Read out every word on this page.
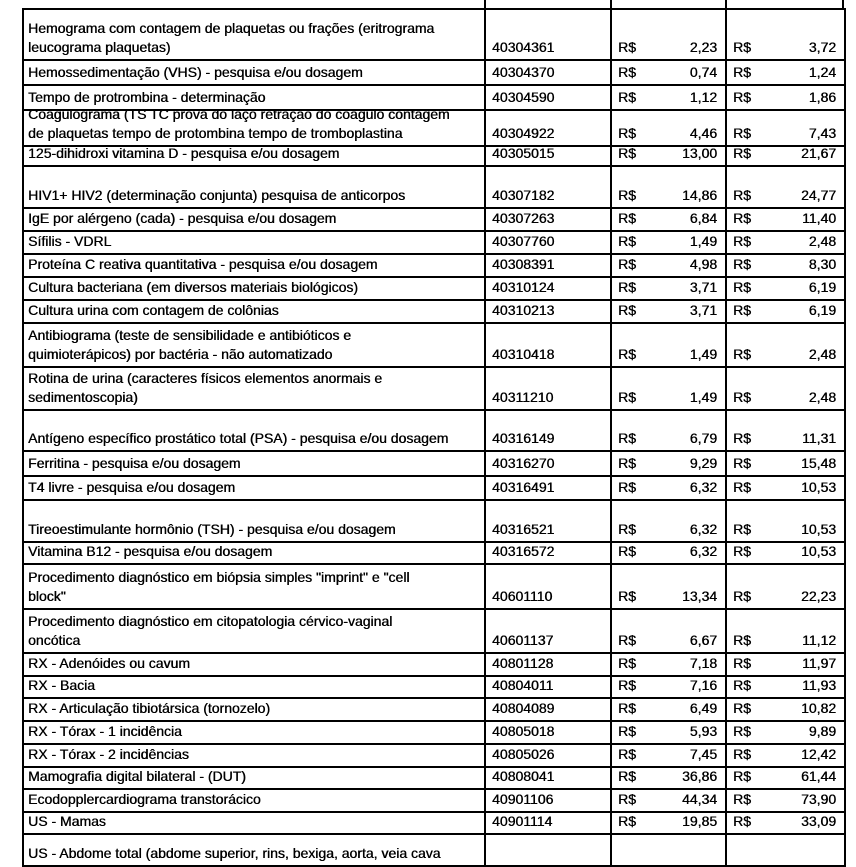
Hemograma com contagem de plaquetas ou frações (eritrograma
leucograma plaquetas)	40304361	R$	2,23 R$	3,72
Hemossedimentação (VHS) - pesquisa e/ou dosagem	40304370	R$	0,74 R$	1,24
Tempo de protrombina - determinação	40304590	R$	1,12 R$	1,86
Coagulograma (TS TC prova do laço retração do coágulo contagem
de plaquetas tempo de protombina tempo de tromboplastina	40304922	R$	4,46 R$	7,43
125-dihidroxi vitamina D - pesquisa e/ou dosagem	40305015	R$	13,00 R$	21,67
HIV1+ HIV2 (determinação conjunta) pesquisa de anticorpos	40307182	R$	14,86 R$	24,77
IgE por alérgeno (cada) - pesquisa e/ou dosagem	40307263	R$	6,84 R$	11,40
Sífilis - VDRL	40307760	R$	1,49 R$	2,48
Proteína C reativa quantitativa - pesquisa e/ou dosagem	40308391	R$	4,98 R$	8,30
Cultura bacteriana (em diversos materiais biológicos)	40310124	R$	3,71 R$	6,19
Cultura urina com contagem de colônias	40310213	R$	3,71 R$	6,19
Antibiograma (teste de sensibilidade e antibióticos e
quimioterápicos) por bactéria - não automatizado	40310418	R$	1,49 R$	2,48
Rotina de urina (caracteres físicos elementos anormais e
sedimentoscopia)	40311210	R$	1,49 R$	2,48
Antígeno específico prostático total (PSA) - pesquisa e/ou dosagem	40316149	R$	6,79 R$	11,31
Ferritina - pesquisa e/ou dosagem	40316270	R$	9,29 R$	15,48
T4 livre - pesquisa e/ou dosagem	40316491	R$	6,32 R$	10,53
Tireoestimulante hormônio (TSH) - pesquisa e/ou dosagem	40316521	R$	6,32 R$	10,53
Vitamina B12 - pesquisa e/ou dosagem	40316572	R$	6,32 R$	10,53
Procedimento diagnóstico em biópsia simples "imprint" e "cell
block"	40601110	R$	13,34 R$	22,23
Procedimento diagnóstico em citopatologia cérvico-vaginal
oncótica	40601137	R$	6,67 R$	11,12
RX - Adenóides ou cavum	40801128	R$	7,18 R$	11,97
RX - Bacia	40804011	R$	7,16 R$	11,93
RX - Articulação tibiotársica (tornozelo)	40804089	R$	6,49 R$	10,82
RX - Tórax - 1 incidência	40805018	R$	5,93 R$	9,89
RX - Tórax - 2 incidências	40805026	R$	7,45 R$	12,42
Mamografia digital bilateral - (DUT)	40808041	R$	36,86 R$	61,44
Ecodopplercardiograma transtorácico	40901106	R$	44,34 R$	73,90
US - Mamas	40901114	R$	19,85 R$	33,09
US - Abdome total (abdome superior, rins, bexiga, aorta, veia cava
